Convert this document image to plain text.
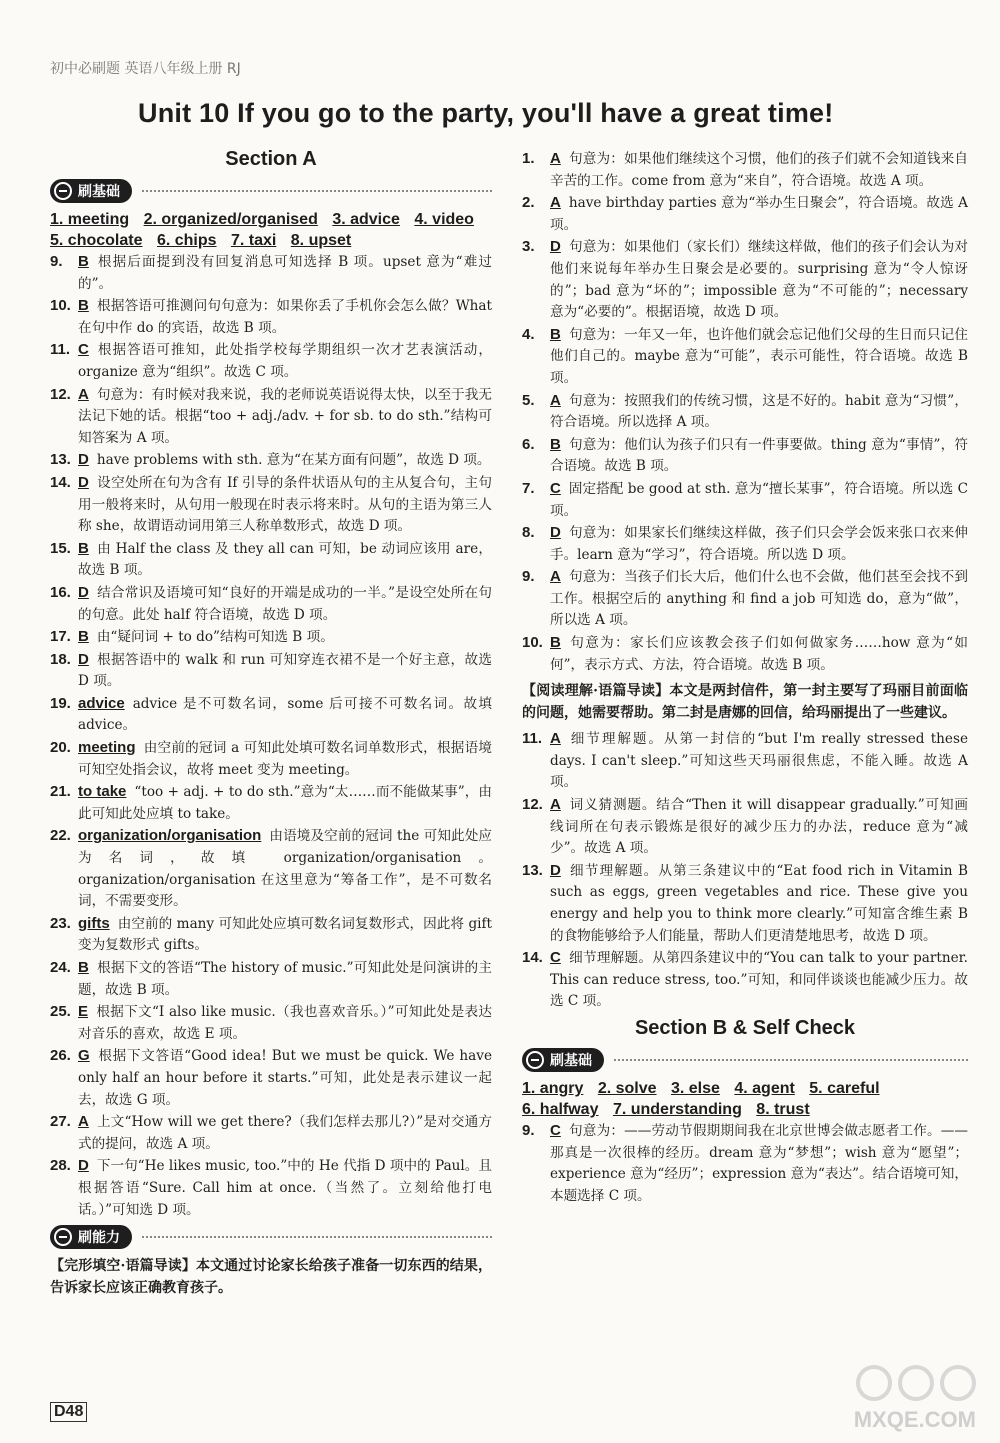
初中必刷题 英语八年级上册 RJ
Unit 10 If you go to the party, you'll have a great time!
Section A
刷基础
1. meeting 2. organized/organised 3. advice 4. video
5. chocolate 6. chips 7. taxi 8. upset
9.	B 根据后面提到没有回复消息可知选择 B 项。upset 意为“难过的”。
10. B 根据答语可推测问句句意为：如果你丢了手机你会怎么做？What 在句中作 do 的宾语，故选 B 项。
11. C 根据答语可推知，此处指学校每学期组织一次才艺表演活动，organize 意为“组织”。故选 C 项。
12. A 句意为：有时候对我来说，我的老师说英语说得太快，以至于我无法记下她的话。根据“too + adj./adv. + for sb. to do sth.”结构可知答案为 A 项。
13. D have problems with sth. 意为“在某方面有问题”，故选 D 项。
14. D 设空处所在句为含有 If 引导的条件状语从句的主从复合句，主句用一般将来时，从句用一般现在时表示将来时。从句的主语为第三人称 she，故谓语动词用第三人称单数形式，故选 D 项。
15. B 由 Half the class 及 they all can 可知，be 动词应该用 are，故选 B 项。
16. D 结合常识及语境可知“良好的开端是成功的一半。”是设空处所在句的句意。此处 half 符合语境，故选 D 项。
17. B 由“疑问词 + to do”结构可知选 B 项。
18. D 根据答语中的 walk 和 run 可知穿连衣裙不是一个好主意，故选 D 项。
19. advice advice 是不可数名词，some 后可接不可数名词。故填 advice。
20. meeting 由空前的冠词 a 可知此处填可数名词单数形式，根据语境可知空处指会议，故将 meet 变为 meeting。
21. to take “too + adj. + to do sth.”意为“太……而不能做某事”，由此可知此处应填 to take。
22. organization/organisation 由语境及空前的冠词 the 可知此处应为名词，故填 organization/organisation。organization/organisation 在这里意为“筹备工作”，是不可数名词，不需要变形。
23. gifts 由空前的 many 可知此处应填可数名词复数形式，因此将 gift 变为复数形式 gifts。
24. B 根据下文的答语“The history of music.”可知此处是问演讲的主题，故选 B 项。
25. E 根据下文“I also like music.（我也喜欢音乐。）”可知此处是表达对音乐的喜欢，故选 E 项。
26. G 根据下文答语“Good idea! But we must be quick. We have only half an hour before it starts.”可知，此处是表示建议一起去，故选 G 项。
27. A 上文“How will we get there?（我们怎样去那儿?）”是对交通方式的提问，故选 A 项。
28. D 下一句“He likes music, too.”中的 He 代指 D 项中的 Paul。且根据答语“Sure. Call him at once.（当然了。立刻给他打电话。）”可知选 D 项。
刷能力
【完形填空·语篇导读】本文通过讨论家长给孩子准备一切东西的结果，告诉家长应该正确教育孩子。
1.	A 句意为：如果他们继续这个习惯，他们的孩子们就不会知道钱来自辛苦的工作。come from 意为“来自”，符合语境。故选 A 项。
2.	A have birthday parties 意为“举办生日聚会”，符合语境。故选 A 项。
3.	D 句意为：如果他们（家长们）继续这样做，他们的孩子们会认为对他们来说每年举办生日聚会是必要的。surprising 意为“令人惊讶的”；bad 意为“坏的”；impossible 意为“不可能的”；necessary 意为“必要的”。根据语境，故选 D 项。
4.	B 句意为：一年又一年，也许他们就会忘记他们父母的生日而只记住他们自己的。maybe 意为“可能”，表示可能性，符合语境。故选 B 项。
5.	A 句意为：按照我们的传统习惯，这是不好的。habit 意为“习惯”，符合语境。所以选择 A 项。
6.	B 句意为：他们认为孩子们只有一件事要做。thing 意为“事情”，符合语境。故选 B 项。
7.	C 固定搭配 be good at sth. 意为“擅长某事”，符合语境。所以选 C 项。
8.	D 句意为：如果家长们继续这样做，孩子们只会学会饭来张口衣来伸手。learn 意为“学习”，符合语境。所以选 D 项。
9.	A 句意为：当孩子们长大后，他们什么也不会做，他们甚至会找不到工作。根据空后的 anything 和 find a job 可知选 do，意为“做”，所以选 A 项。
10. B 句意为：家长们应该教会孩子们如何做家务……how 意为“如何”，表示方式、方法，符合语境。故选 B 项。
【阅读理解·语篇导读】本文是两封信件，第一封主要写了玛丽目前面临的问题，她需要帮助。第二封是唐娜的回信，给玛丽提出了一些建议。
11. A 细节理解题。从第一封信的“but I'm really stressed these days. I can't sleep.”可知这些天玛丽很焦虑，不能入睡。故选 A 项。
12. A 词义猜测题。结合“Then it will disappear gradually.”可知画线词所在句表示锻炼是很好的减少压力的办法，reduce 意为“减少”。故选 A 项。
13. D 细节理解题。从第三条建议中的“Eat food rich in Vitamin B such as eggs, green vegetables and rice. These give you energy and help you to think more clearly.”可知富含维生素 B 的食物能够给予人们能量，帮助人们更清楚地思考，故选 D 项。
14. C 细节理解题。从第四条建议中的“You can talk to your partner. This can reduce stress, too.”可知，和同伴谈谈也能减少压力。故选 C 项。
Section B & Self Check
刷基础
1. angry 2. solve 3. else 4. agent 5. careful
6. halfway 7. understanding 8. trust
9.	C 句意为：——劳动节假期期间我在北京世博会做志愿者工作。——那真是一次很棒的经历。dream 意为“梦想”；wish 意为“愿望”；experience 意为“经历”；expression 意为“表达”。结合语境可知，本题选择 C 项。
D48	MXQE.COM
